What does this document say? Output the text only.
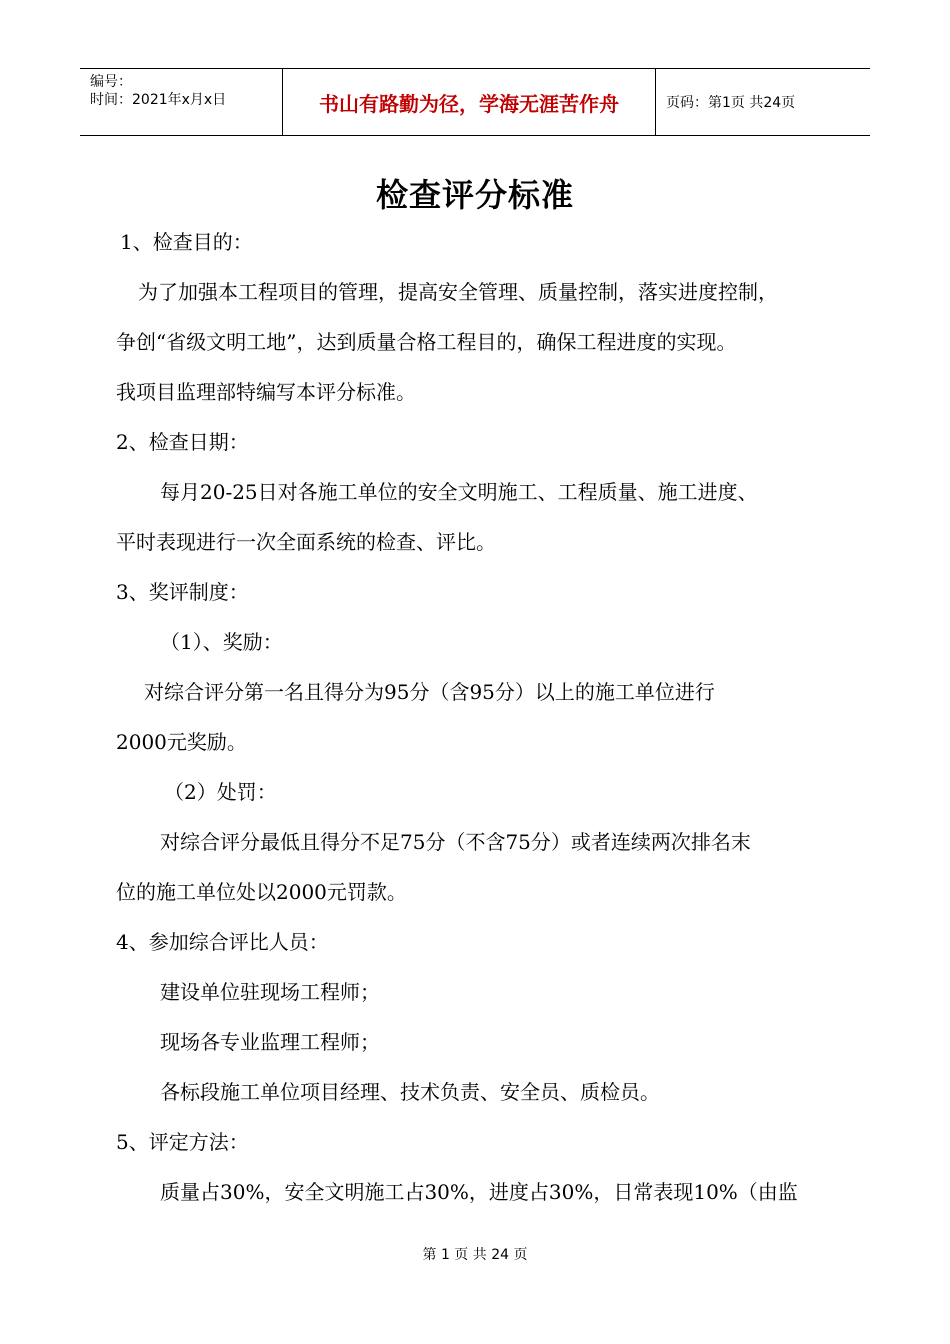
编号：
时间：2021年x月x日	书山有路勤为径，学海无涯苦作舟	页码：第1页 共24页
检查评分标准
1、检查目的：
为了加强本工程项目的管理，提高安全管理、质量控制，落实进度控制，
争创“省级文明工地”，达到质量合格工程目的，确保工程进度的实现。
我项目监理部特编写本评分标准。
2、检查日期：
每月20-25日对各施工单位的安全文明施工、工程质量、施工进度、
平时表现进行一次全面系统的检查、评比。
3、奖评制度：
（1）、奖励：
对综合评分第一名且得分为95分（含95分）以上的施工单位进行
2000元奖励。
（2）处罚：
对综合评分最低且得分不足75分（不含75分）或者连续两次排名末
位的施工单位处以2000元罚款。
4、参加综合评比人员：
建设单位驻现场工程师；
现场各专业监理工程师；
各标段施工单位项目经理、技术负责、安全员、质检员。
5、评定方法：
质量占30%，安全文明施工占30%，进度占30%，日常表现10%（由监
第 1 页 共 24 页
